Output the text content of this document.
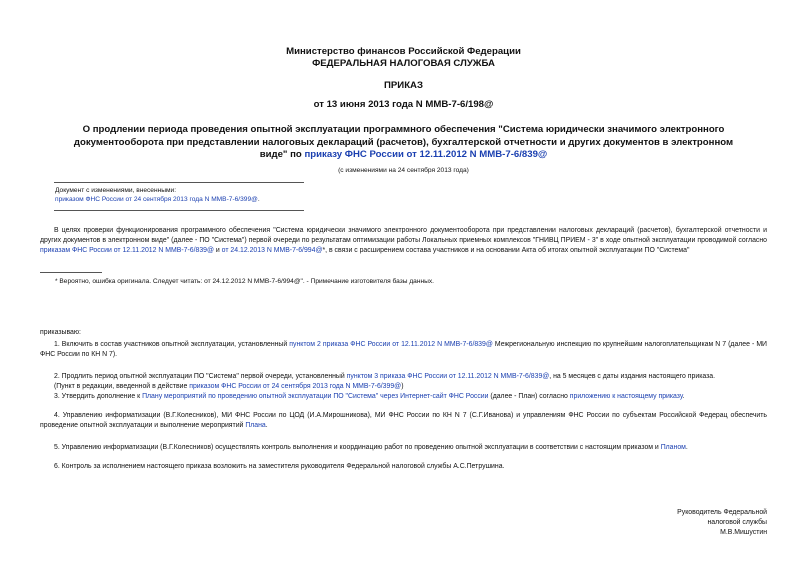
Министерство финансов Российской Федерации
ФЕДЕРАЛЬНАЯ НАЛОГОВАЯ СЛУЖБА
ПРИКАЗ
от 13 июня 2013 года N ММВ-7-6/198@
О продлении периода проведения опытной эксплуатации программного обеспечения "Система юридически значимого электронного документооборота при представлении налоговых деклараций (расчетов), бухгалтерской отчетности и других документов в электронном виде" по приказу ФНС России от 12.11.2012 N ММВ-7-6/839@
(с изменениями на 24 сентября 2013 года)
Документ с изменениями, внесенными:
приказом ФНС России от 24 сентября 2013 года N ММВ-7-6/399@.
В целях проверки функционирования программного обеспечения "Система юридически значимого электронного документооборота при представлении налоговых деклараций (расчетов), бухгалтерской отчетности и других документов в электронном виде" (далее - ПО "Система") первой очереди по результатам оптимизации работы Локальных приемных комплексов "ГНИВЦ ПРИЕМ - 3" в ходе опытной эксплуатации проводимой согласно приказам ФНС России от 12.11.2012 N ММВ-7-6/839@ и от 24.12.2013 N ММВ-7-6/994@*, в связи с расширением состава участников и на основании Акта об итогах опытной эксплуатации ПО "Система"
* Вероятно, ошибка оригинала. Следует читать: от 24.12.2012 N ММВ-7-6/994@". - Примечание изготовителя базы данных.
приказываю:
1. Включить в состав участников опытной эксплуатации, установленный пунктом 2 приказа ФНС России от 12.11.2012 N ММВ-7-6/839@ Межрегиональную инспекцию по крупнейшим налогоплательщикам N 7 (далее - МИ ФНС России по КН N 7).
2. Продлить период опытной эксплуатации ПО "Система" первой очереди, установленный пунктом 3 приказа ФНС России от 12.11.2012 N ММВ-7-6/839@, на 5 месяцев с даты издания настоящего приказа.
(Пункт в редакции, введенной в действие приказом ФНС России от 24 сентября 2013 года N ММВ-7-6/399@)
3. Утвердить дополнение к Плану мероприятий по проведению опытной эксплуатации ПО "Система" через Интернет-сайт ФНС России (далее - План) согласно приложению к настоящему приказу.
4. Управлению информатизации (В.Г.Колесников), МИ ФНС России по ЦОД (И.А.Мирошникова), МИ ФНС России по КН N 7 (С.Г.Иванова) и управлениям ФНС России по субъектам Российской Федерац обеспечить проведение опытной эксплуатации и выполнение мероприятий Плана.
5. Управлению информатизации (В.Г.Колесников) осуществлять контроль выполнения и координацию работ по проведению опытной эксплуатации в соответствии с настоящим приказом и Планом.
6. Контроль за исполнением настоящего приказа возложить на заместителя руководителя Федеральной налоговой службы А.С.Петрушина.
Руководитель Федеральной
налоговой службы
М.В.Мишустин
